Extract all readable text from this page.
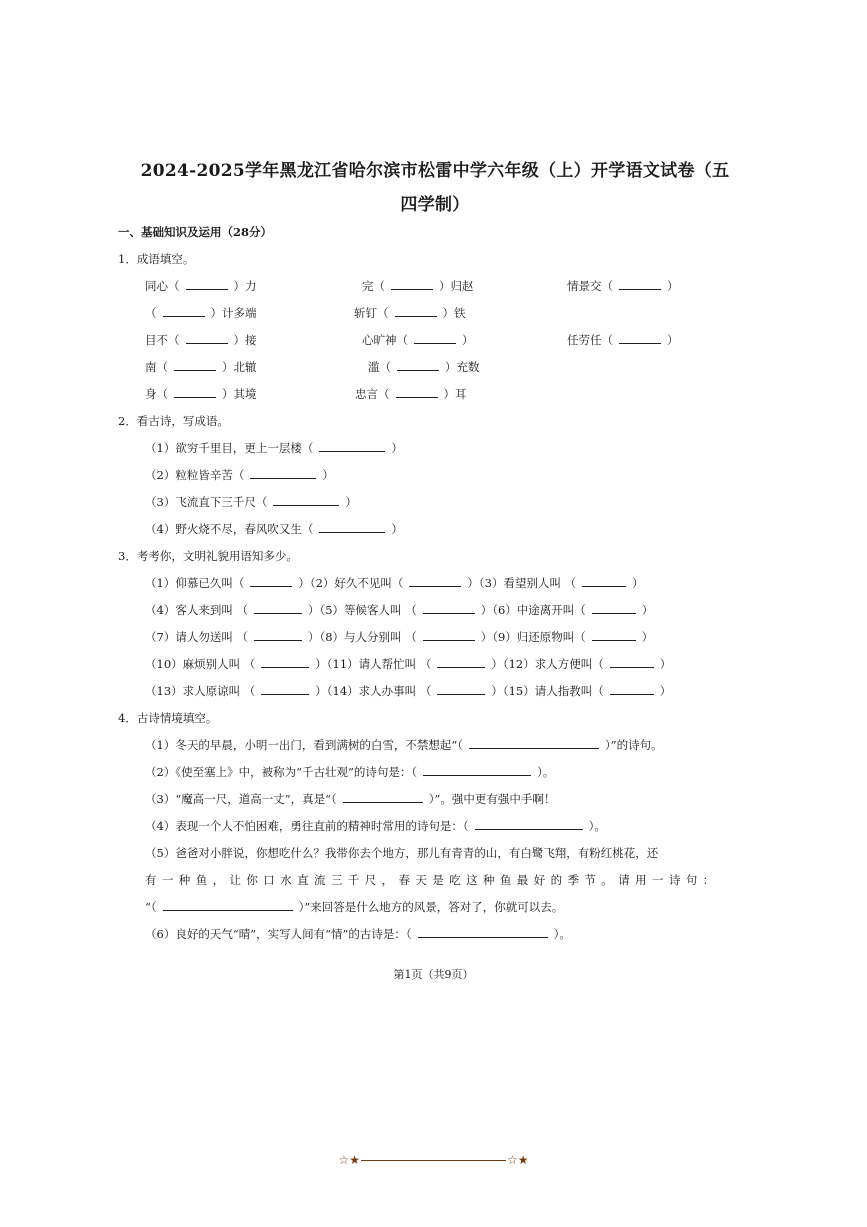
2024-2025学年黑龙江省哈尔滨市松雷中学六年级（上）开学语文试卷（五
四学制）
一、基础知识及运用（28分）
1．成语填空。
同心（	）力	完（	）归赵	情景交（	）
（	）计多端	斩钉（	）铁
目不（	）接	心旷神（	）	任劳任（	）
南（	）北辙	滥（	）充数
身（	）其境	忠言（	）耳
2．看古诗，写成语。
（1）欲穷千里目，更上一层楼（	）
（2）粒粒皆辛苦（	）
（3）飞流直下三千尺（	）
（4）野火烧不尽，春风吹又生（	）
3．考考你，文明礼貌用语知多少。
（1）仰慕已久叫（	）（2）好久不见叫（	）（3）看望别人叫 （	）
（4）客人来到叫 （	）（5）等候客人叫 （	）（6）中途离开叫（	）
（7）请人勿送叫 （	）（8）与人分别叫 （	）（9）归还原物叫（	）
（10）麻烦别人叫 （	）（11）请人帮忙叫 （	）（12）求人方便叫（	）
（13）求人原谅叫 （	）（14）求人办事叫 （	）（15）请人指教叫（	）
4．古诗情境填空。
（1）冬天的早晨，小明一出门，看到满树的白雪，不禁想起“（	）”的诗句。
（2）《使至塞上》中，被称为“千古壮观”的诗句是：（	）。
（3）“魔高一尺，道高一丈”，真是“（	）”。强中更有强中手啊！
（4）表现一个人不怕困难，勇往直前的精神时常用的诗句是：（	）。
（5）爸爸对小胖说，你想吃什么？我带你去个地方，那儿有青青的山，有白鹭飞翔，有粉红桃花，还
有一种鱼，让你口水直流三千尺，春天是吃这种鱼最好的季节。请用一诗句：
“（	）”来回答是什么地方的风景，答对了，你就可以去。
（6）良好的天气“晴”，实写人间有“情”的古诗是：（	）。
第1页（共9页）
☆★	☆★
